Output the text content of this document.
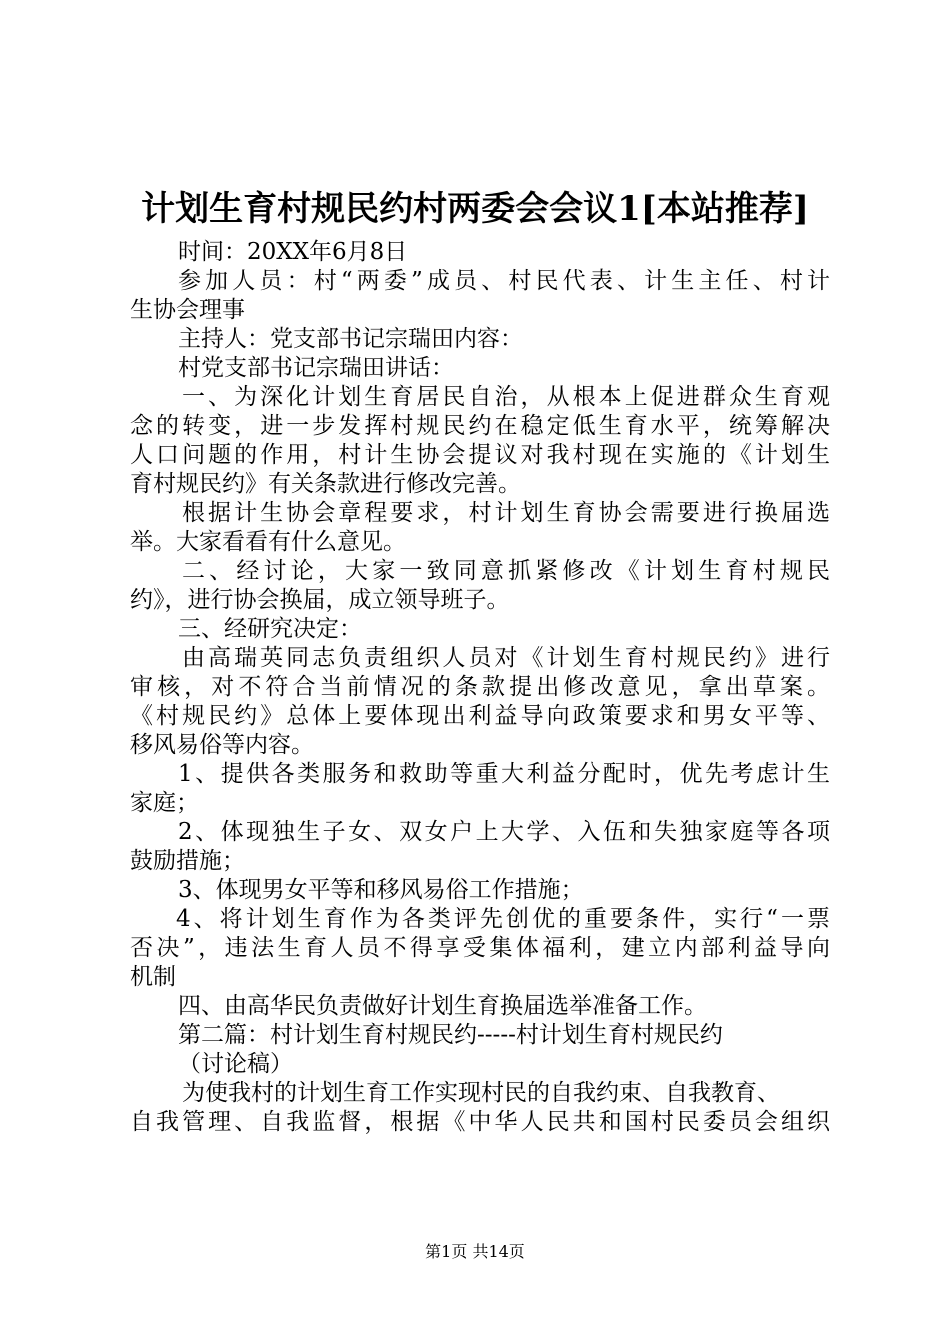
计划生育村规民约村两委会会议1[本站推荐]
时间：20XX年6月8日
参加人员：村“两委”成员、村民代表、计生主任、村计
生协会理事
主持人：党支部书记宗瑞田内容：
村党支部书记宗瑞田讲话：
一、为深化计划生育居民自治，从根本上促进群众生育观
念的转变，进一步发挥村规民约在稳定低生育水平，统筹解决
人口问题的作用，村计生协会提议对我村现在实施的《计划生
育村规民约》有关条款进行修改完善。
根据计生协会章程要求，村计划生育协会需要进行换届选
举。大家看看有什么意见。
二、经讨论，大家一致同意抓紧修改《计划生育村规民
约》，进行协会换届，成立领导班子。
三、经研究决定：
由高瑞英同志负责组织人员对《计划生育村规民约》进行
审核，对不符合当前情况的条款提出修改意见，拿出草案。
《村规民约》总体上要体现出利益导向政策要求和男女平等、
移风易俗等内容。
1、提供各类服务和救助等重大利益分配时，优先考虑计生
家庭；
2、体现独生子女、双女户上大学、入伍和失独家庭等各项
鼓励措施；
3、体现男女平等和移风易俗工作措施；
4、将计划生育作为各类评先创优的重要条件，实行“一票
否决”，违法生育人员不得享受集体福利，建立内部利益导向
机制
四、由高华民负责做好计划生育换届选举准备工作。
第二篇：村计划生育村规民约-----村计划生育村规民约
（讨论稿）
为使我村的计划生育工作实现村民的自我约束、自我教育、
自我管理、自我监督，根据《中华人民共和国村民委员会组织
第1页 共14页
